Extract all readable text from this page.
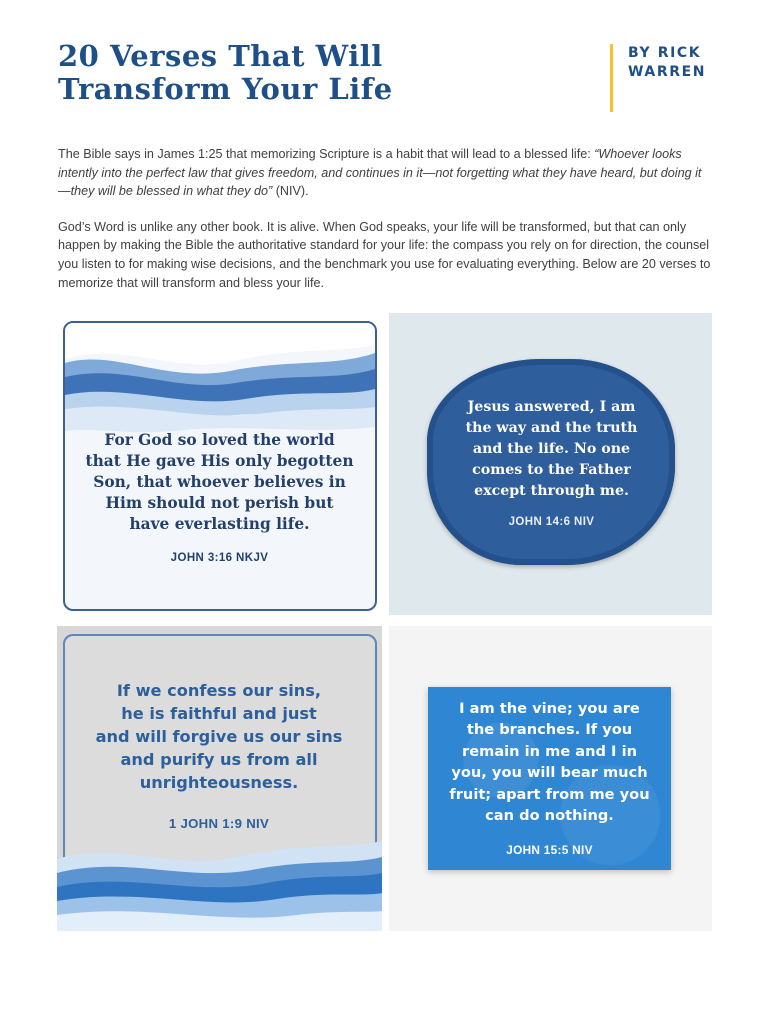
20 Verses That Will
Transform Your Life
BY RICK
WARREN

The Bible says in James 1:25 that memorizing Scripture is a habit that will lead to a blessed life: “Whoever looks intently into the perfect law that gives freedom, and continues in it—not forgetting what they have heard, but doing it—they will be blessed in what they do” (NIV).

God’s Word is unlike any other book. It is alive. When God speaks, your life will be transformed, but that can only happen by making the Bible the authoritative standard for your life: the compass you rely on for direction, the counsel you listen to for making wise decisions, and the benchmark you use for evaluating everything. Below are 20 verses to memorize that will transform and bless your life.

For God so loved the world
that He gave His only begotten
Son, that whoever believes in
Him should not perish but
have everlasting life.
JOHN 3:16 NKJV
Jesus answered, I am
the way and the truth
and the life. No one
comes to the Father
except through me.
JOHN 14:6 NIV
If we confess our sins,
he is faithful and just
and will forgive us our sins
and purify us from all
unrighteousness.
1 JOHN 1:9 NIV
I am the vine; you are
the branches. If you
remain in me and I in
you, you will bear much
fruit; apart from me you
can do nothing.
JOHN 15:5 NIV
